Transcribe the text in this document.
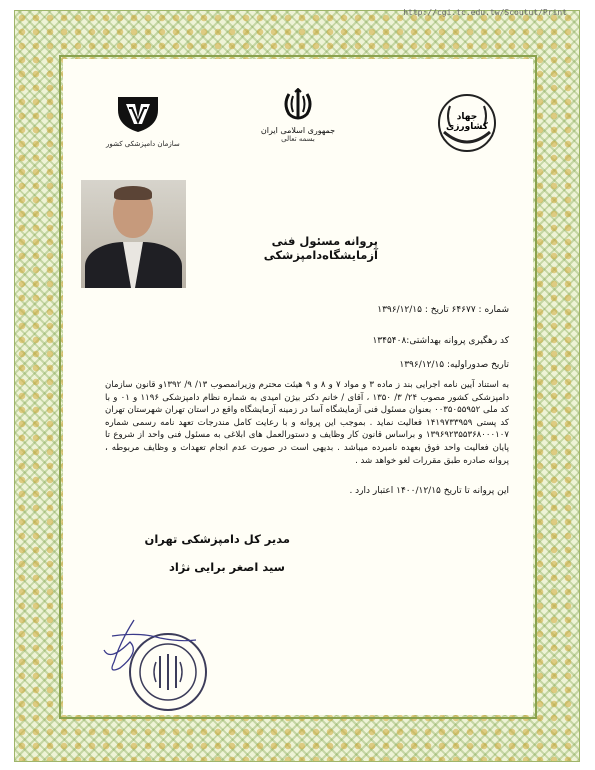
http://cgi.tc.edu.tw/Scoutut/Print
سازمان دامپزشکی کشور
جمهوری اسلامی ایران
بسمه تعالی
جهاد کشاورزی
پروانه مسئول فنی آزمایشگاه‌دامپزشکی
شماره : ۶۴۶۷۷ تاریخ : ۱۳۹۶/۱۲/۱۵
کد رهگیری پروانه بهداشتی:۱۳۴۵۴۰۸
تاریخ صدوراولیه: ۱۳۹۶/۱۲/۱۵
به استناد آیین نامه اجرایی بند ز ماده ۳ و مواد ۷ و ۸ و ۹ هیئت محترم وزیرانمصوب ۱۳/ ۹/ ۱۳۹۲و قانون سازمان دامپزشکی کشور مصوب ۲۴/ ۳/ ۱۳۵۰ ، آقای / خانم دکتر بیژن امیدی به شماره نظام دامپزشکی ۱۱۹۶ و ۰۱ و با کد ملی ۰۰۳۵۰۵۵۹۵۲ بعنوان مسئول فنی آزمایشگاه آسا در زمینه آزمایشگاه واقع در استان تهران شهرستان تهران کد پستی ۱۴۱۹۷۳۳۹۵۹ فعالیت نماید . بموجب این پروانه و با رعایت کامل مندرجات تعهد نامه رسمی شماره ۱۳۹۶۹۲۳۵۵۳۶۸۰۰۰۱۰۷ و براساس قانون کار وظایف و دستورالعمل های ابلاغی به مسئول فنی واحد از شروع تا پایان فعالیت واحد فوق بعهده نامبرده میباشد . بدیهی است در صورت عدم انجام تعهدات و وظایف مربوطه ، پروانه صادره طبق مقررات لغو خواهد شد .
این پروانه تا تاریخ ۱۴۰۰/۱۲/۱۵ اعتبار دارد .
مدیر کل دامپزشکی تهران
سید اصغر برایی نژاد
